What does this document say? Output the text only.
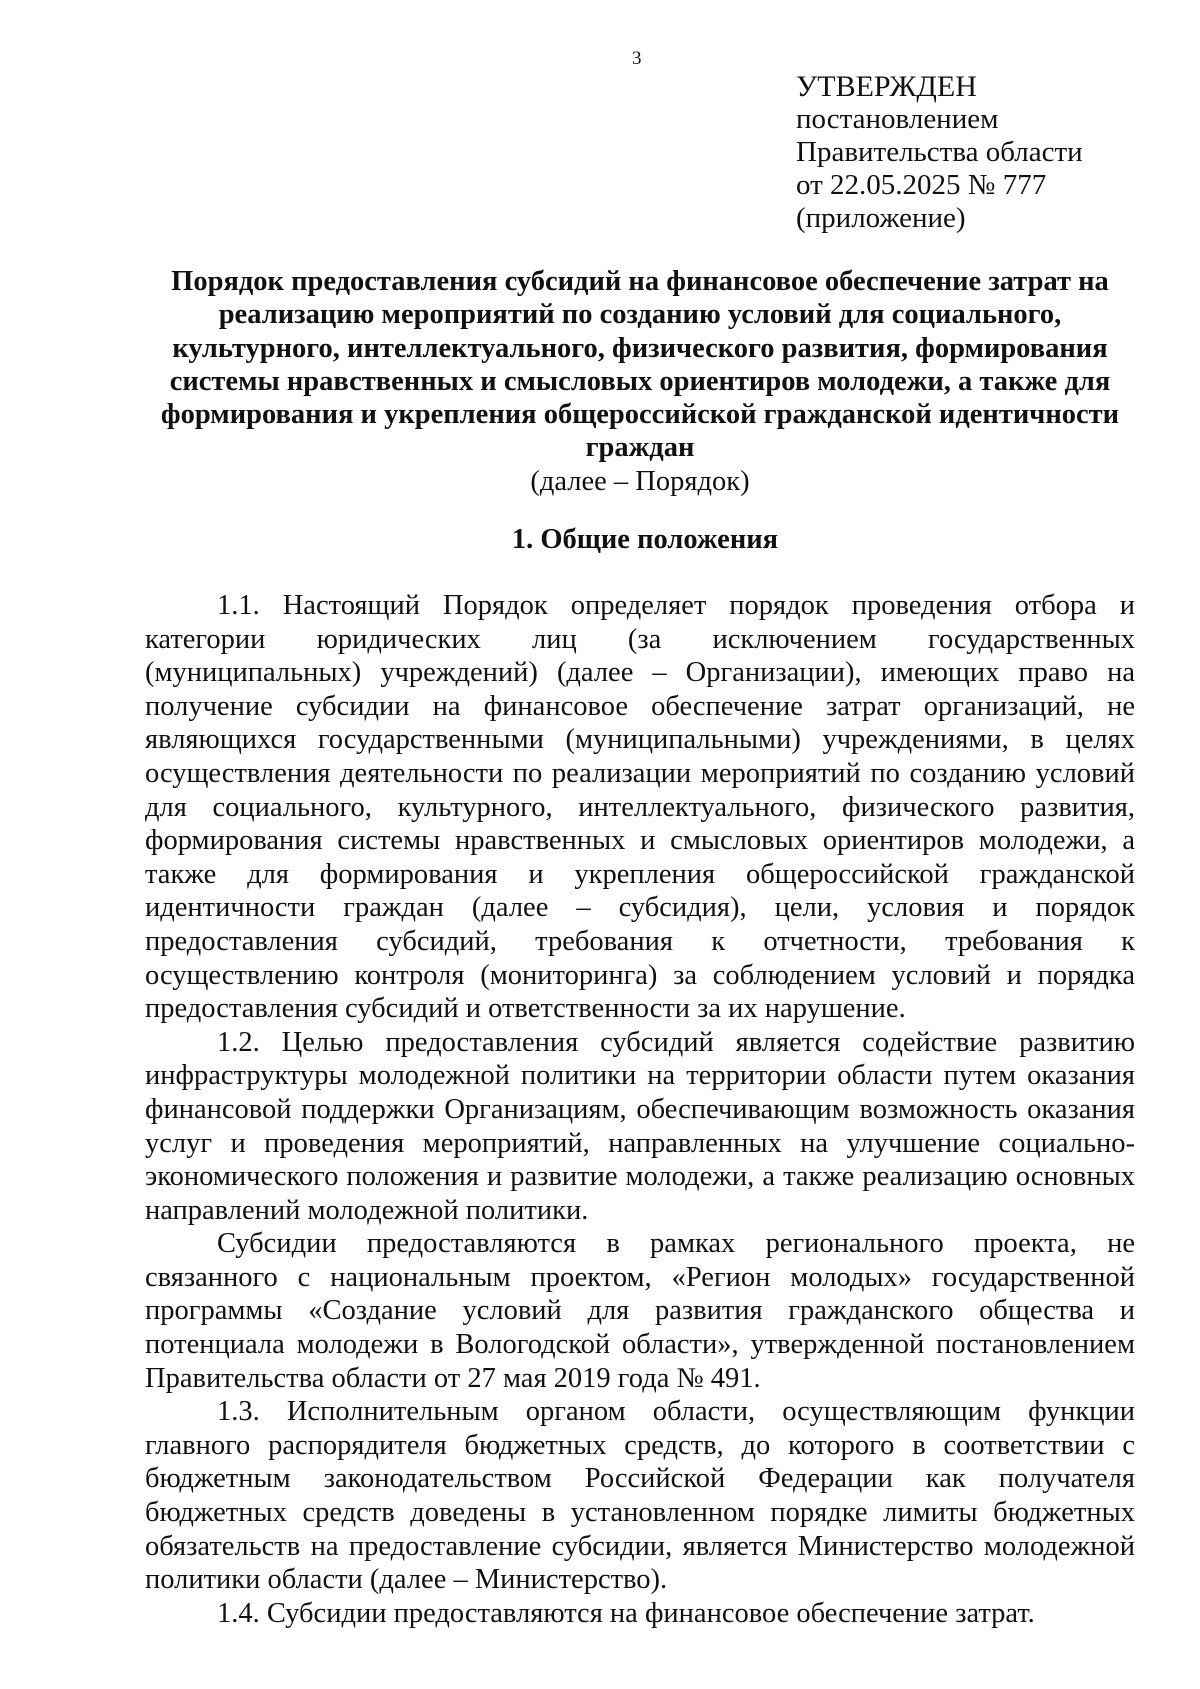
3
УТВЕРЖДЕН
постановлением
Правительства области
от 22.05.2025 № 777
(приложение)

Порядок предоставления субсидий на финансовое обеспечение затрат на реализацию мероприятий по созданию условий для социального, культурного, интеллектуального, физического развития, формирования системы нравственных и смысловых ориентиров молодежи, а также для формирования и укрепления общероссийской гражданской идентичности граждан

(далее – Порядок)
1. Общие положения

1.1. Настоящий Порядок определяет порядок проведения отбора и категории юридических лиц (за исключением государственных (муниципальных) учреждений) (далее – Организации), имеющих право на получение субсидии на финансовое обеспечение затрат организаций, не являющихся государственными (муниципальными) учреждениями, в целях осуществления деятельности по реализации мероприятий по созданию условий для социального, культурного, интеллектуального, физического развития, формирования системы нравственных и смысловых ориентиров молодежи, а также для формирования и укрепления общероссийской гражданской идентичности граждан (далее – субсидия), цели, условия и порядок предоставления субсидий, требования к отчетности, требования к осуществлению контроля (мониторинга) за соблюдением условий и порядка предоставления субсидий и ответственности за их нарушение.

1.2. Целью предоставления субсидий является содействие развитию инфраструктуры молодежной политики на территории области путем оказания финансовой поддержки Организациям, обеспечивающим возможность оказания услуг и проведения мероприятий, направленных на улучшение социально-экономического положения и развитие молодежи, а также реализацию основных направлений молодежной политики.

Субсидии предоставляются в рамках регионального проекта, не связанного с национальным проектом, «Регион молодых» государственной программы «Создание условий для развития гражданского общества и потенциала молодежи в Вологодской области», утвержденной постановлением Правительства области от 27 мая 2019 года № 491.

1.3. Исполнительным органом области, осуществляющим функции главного распорядителя бюджетных средств, до которого в соответствии с бюджетным законодательством Российской Федерации как получателя бюджетных средств доведены в установленном порядке лимиты бюджетных обязательств на предоставление субсидии, является Министерство молодежной политики области (далее – Министерство).

1.4. Субсидии предоставляются на финансовое обеспечение затрат.
